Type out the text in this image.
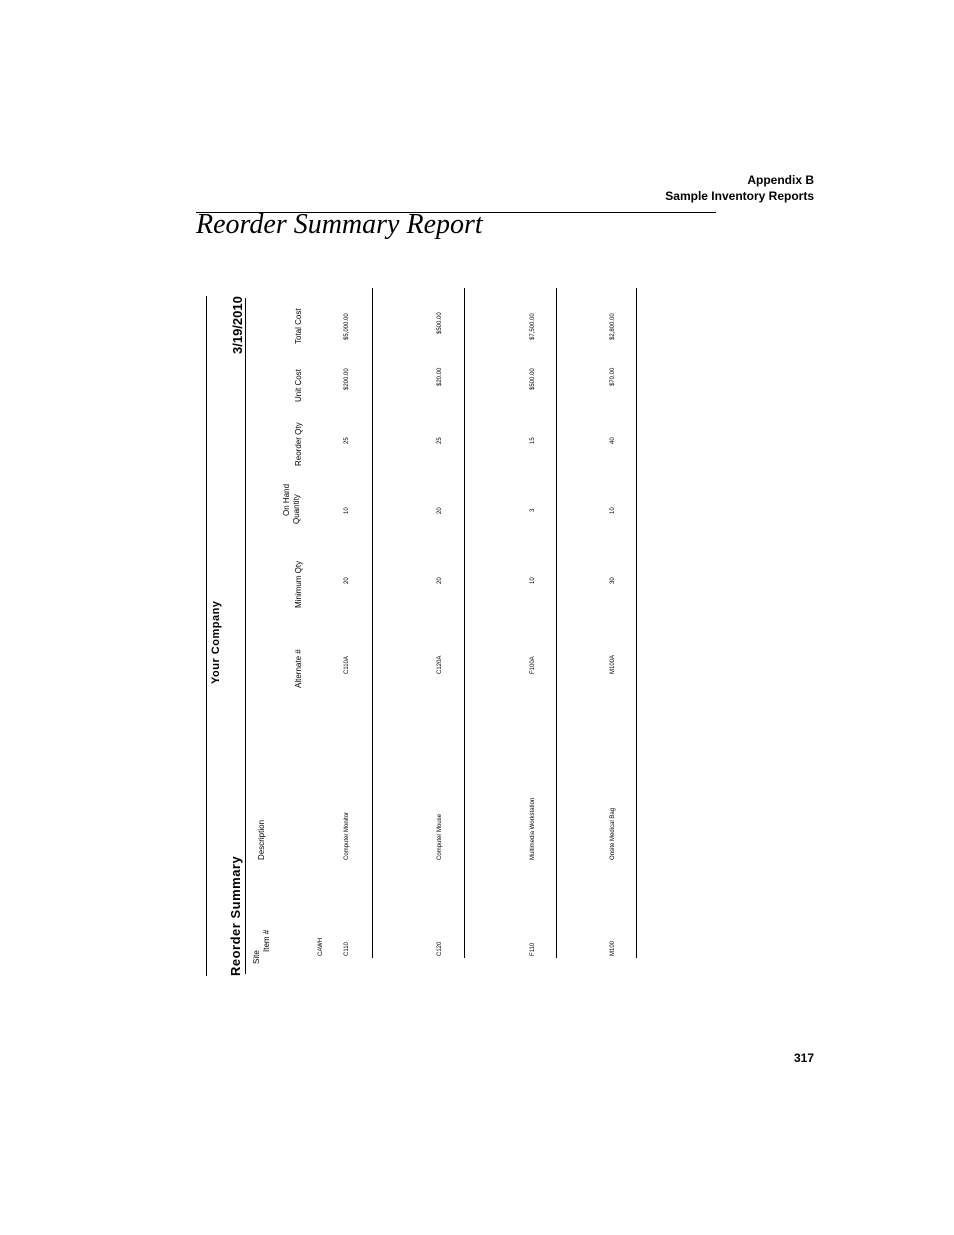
Appendix B
Sample Inventory Reports
Reorder Summary Report
Reorder Summary
Your Company
3/19/2010
Site
Item #
Description
Alternate #
Minimum Qty
On Hand Quantity
Reorder Qty
Unit Cost
Total Cost
CAWH	C110
Computer Monitor
C110A
20
10
25
$200.00
$5,000.00
C120
Computer Mouse
C120A
20
20
25
$20.00
$500.00
F110
Multimedia Workstation
F100A
10
3
15
$500.00
$7,500.00
M100
Onsite Medical Bag
M100A
30
10
40
$70.00
$2,800.00
317
